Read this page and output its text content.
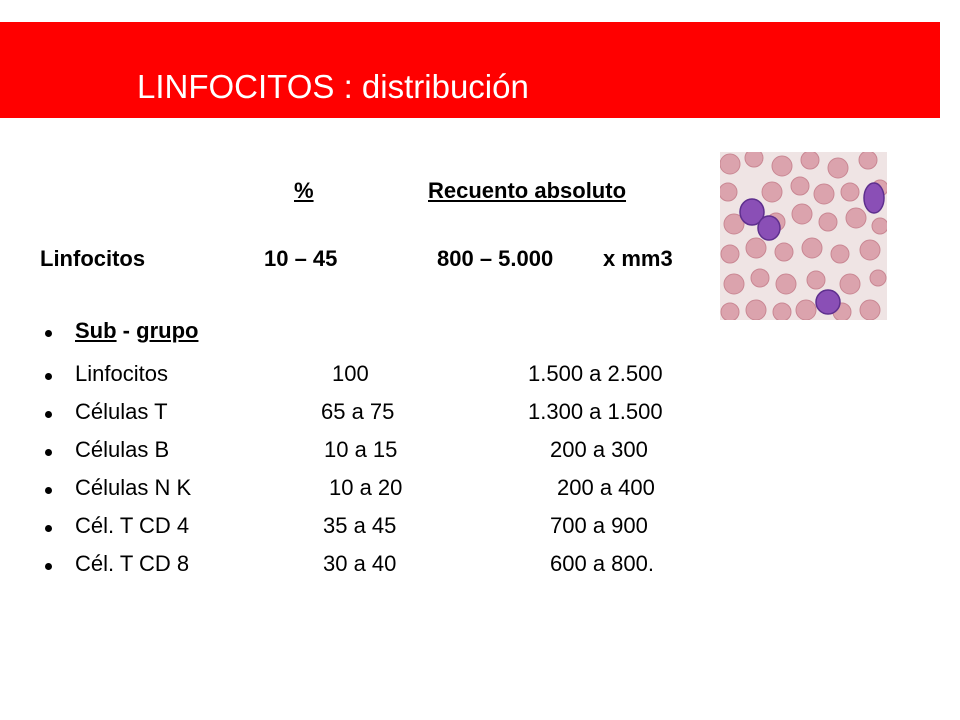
LINFOCITOS : distribución
%	Recuento absoluto
Linfocitos	10 – 45	800 – 5.000 x mm3
Sub - grupo
Linfocitos	100	1.500 a 2.500
Células T	65 a 75	1.300 a 1.500
Células B	10 a 15	200 a 300
Células N K	10 a 20	200 a 400
Cél. T CD 4	35 a 45	700 a 900
Cél. T CD 8	30 a 40	600 a 800.
